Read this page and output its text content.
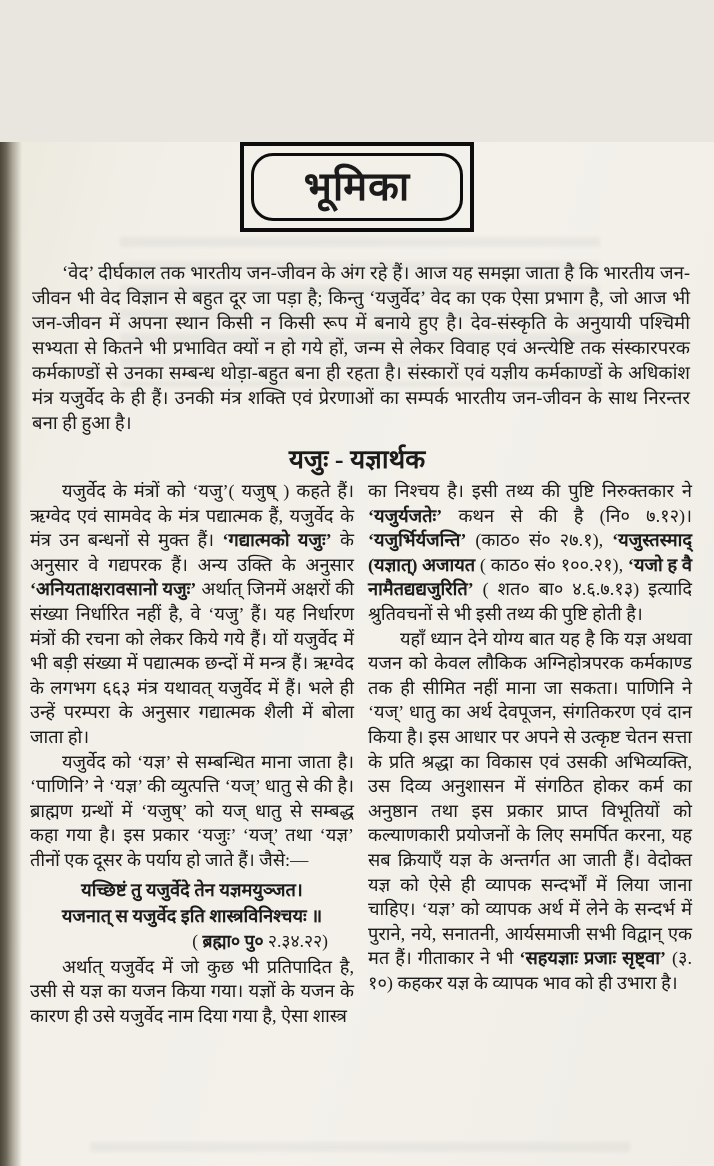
भूमिका

‘वेद’ दीर्घकाल तक भारतीय जन-जीवन के अंग रहे हैं। आज यह समझा जाता है कि भारतीय जन-जीवन भी वेद विज्ञान से बहुत दूर जा पड़ा है; किन्तु ‘यजुर्वेद’ वेद का एक ऐसा प्रभाग है, जो आज भी जन-जीवन में अपना स्थान किसी न किसी रूप में बनाये हुए है। देव-संस्कृति के अनुयायी पश्चिमी सभ्यता से कितने भी प्रभावित क्यों न हो गये हों, जन्म से लेकर विवाह एवं अन्त्येष्टि तक संस्कारपरक कर्मकाण्डों से उनका सम्बन्ध थोड़ा-बहुत बना ही रहता है। संस्कारों एवं यज्ञीय कर्मकाण्डों के अधिकांश मंत्र यजुर्वेद के ही हैं। उनकी मंत्र शक्ति एवं प्रेरणाओं का सम्पर्क भारतीय जन-जीवन के साथ निरन्तर बना ही हुआ है।

यजुः - यज्ञार्थक

यजुर्वेद के मंत्रों को ‘यजु’( यजुष् ) कहते हैं। ऋग्वेद एवं सामवेद के मंत्र पद्यात्मक हैं, यजुर्वेद के मंत्र उन बन्धनों से मुक्त हैं। ‘गद्यात्मको यजुः’ के अनुसार वे गद्यपरक हैं। अन्य उक्ति के अनुसार ‘अनियताक्षरावसानो यजुः’ अर्थात् जिनमें अक्षरों की संख्या निर्धारित नहीं है, वे ‘यजु’ हैं। यह निर्धारण मंत्रों की रचना को लेकर किये गये हैं। यों यजुर्वेद में भी बड़ी संख्या में पद्यात्मक छन्दों में मन्त्र हैं। ऋग्वेद के लगभग ६६३ मंत्र यथावत् यजुर्वेद में हैं। भले ही उन्हें परम्परा के अनुसार गद्यात्मक शैली में बोला जाता हो।

यजुर्वेद को ‘यज्ञ’ से सम्बन्धित माना जाता है। ‘पाणिनि’ ने ‘यज्ञ’ की व्युत्पत्ति ‘यज्’ धातु से की है। ब्राह्मण ग्रन्थों में ‘यजुष्’ को यज् धातु से सम्बद्ध कहा गया है। इस प्रकार ‘यजुः’ ‘यज्’ तथा ‘यज्ञ’ तीनों एक दूसर के पर्याय हो जाते हैं। जैसे:—

यच्छिष्टं तु यजुर्वेदे तेन यज्ञमयुञ्जत।
यजनात् स यजुर्वेद इति शास्त्रविनिश्चयः ॥
( ब्रह्मा० पु० २.३४.२२)

अर्थात् यजुर्वेद में जो कुछ भी प्रतिपादित है, उसी से यज्ञ का यजन किया गया। यज्ञों के यजन के कारण ही उसे यजुर्वेद नाम दिया गया है, ऐसा शास्त्र

का निश्चय है। इसी तथ्य की पुष्टि निरुक्तकार ने ‘यजुर्यजतेः’ कथन से की है (नि० ७.१२)। ‘यजुर्भिर्यजन्ति’ (काठ० सं० २७.१), ‘यजुस्तस्माद् (यज्ञात्) अजायत ( काठ० सं० १००.२१), ‘यजो ह वै नामैतद्यद्यजुरिति’ ( शत० बा० ४.६.७.१३) इत्यादि श्रुतिवचनों से भी इसी तथ्य की पुष्टि होती है।

यहाँ ध्यान देने योग्य बात यह है कि यज्ञ अथवा यजन को केवल लौकिक अग्निहोत्रपरक कर्मकाण्ड तक ही सीमित नहीं माना जा सकता। पाणिनि ने ‘यज्’ धातु का अर्थ देवपूजन, संगतिकरण एवं दान किया है। इस आधार पर अपने से उत्कृष्ट चेतन सत्ता के प्रति श्रद्धा का विकास एवं उसकी अभिव्यक्ति, उस दिव्य अनुशासन में संगठित होकर कर्म का अनुष्ठान तथा इस प्रकार प्राप्त विभूतियों को कल्याणकारी प्रयोजनों के लिए समर्पित करना, यह सब क्रियाएँ यज्ञ के अन्तर्गत आ जाती हैं। वेदोक्त यज्ञ को ऐसे ही व्यापक सन्दर्भों में लिया जाना चाहिए। ‘यज्ञ’ को व्यापक अर्थ में लेने के सन्दर्भ में पुराने, नये, सनातनी, आर्यसमाजी सभी विद्वान् एक मत हैं। गीताकार ने भी ‘सहयज्ञाः प्रजाः सृष्ट्वा’ (३. १०) कहकर यज्ञ के व्यापक भाव को ही उभारा है।
